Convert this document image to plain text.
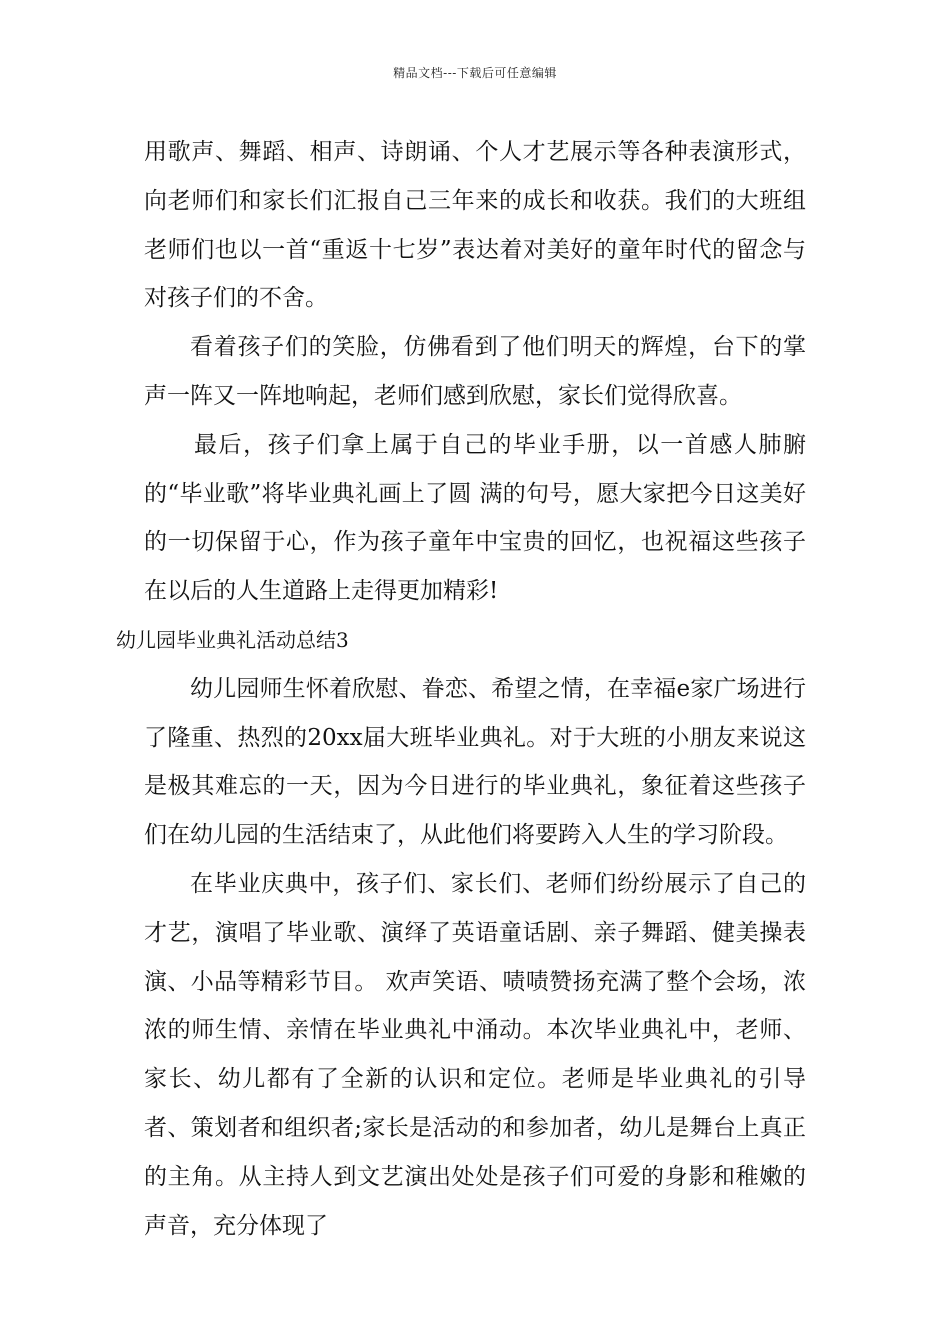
精品文档---下载后可任意编辑

用歌声、舞蹈、相声、诗朗诵、个人才艺展示等各种表演形式，向老师们和家长们汇报自己三年来的成长和收获。我们的大班组老师们也以一首“重返十七岁”表达着对美好的童年时代的留念与对孩子们的不舍。

看着孩子们的笑脸，仿佛看到了他们明天的辉煌，台下的掌声一阵又一阵地响起，老师们感到欣慰，家长们觉得欣喜。

最后，孩子们拿上属于自己的毕业手册，以一首感人肺腑的“毕业歌”将毕业典礼画上了圆 满的句号，愿大家把今日这美好的一切保留于心，作为孩子童年中宝贵的回忆，也祝福这些孩子在以后的人生道路上走得更加精彩!

幼儿园毕业典礼活动总结3

幼儿园师生怀着欣慰、眷恋、希望之情，在幸福e家广场进行了隆重、热烈的20xx届大班毕业典礼。对于大班的小朋友来说这是极其难忘的一天，因为今日进行的毕业典礼，象征着这些孩子们在幼儿园的生活结束了，从此他们将要跨入人生的学习阶段。

在毕业庆典中，孩子们、家长们、老师们纷纷展示了自己的才艺，演唱了毕业歌、演绎了英语童话剧、亲子舞蹈、健美操表演、小品等精彩节目。 欢声笑语、啧啧赞扬充满了整个会场，浓浓的师生情、亲情在毕业典礼中涌动。本次毕业典礼中，老师、家长、幼儿都有了全新的认识和定位。老师是毕业典礼的引导者、策划者和组织者;家长是活动的和参加者，幼儿是舞台上真正的主角。从主持人到文艺演出处处是孩子们可爱的身影和稚嫩的声音，充分体现了
